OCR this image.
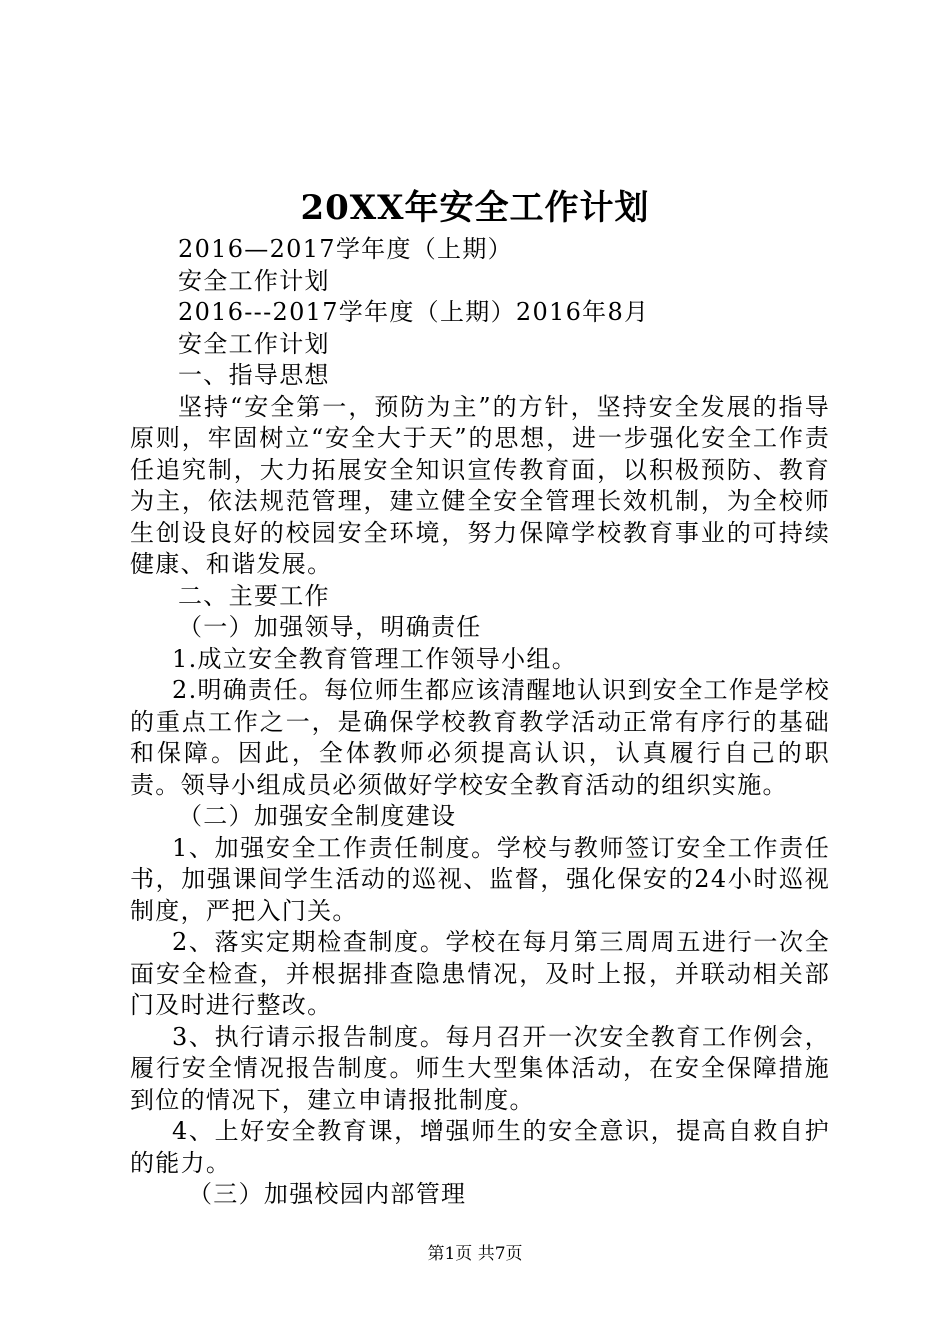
20XX年安全工作计划

2016—2017学年度（上期）

安全工作计划

2016---2017学年度（上期）2016年8月

安全工作计划

一、指导思想

坚持“安全第一，预防为主”的方针，坚持安全发展的指导原则，牢固树立“安全大于天”的思想，进一步强化安全工作责任追究制，大力拓展安全知识宣传教育面，以积极预防、教育为主，依法规范管理，建立健全安全管理长效机制，为全校师生创设良好的校园安全环境，努力保障学校教育事业的可持续健康、和谐发展。

二、主要工作

（一）加强领导，明确责任

1.成立安全教育管理工作领导小组。

2.明确责任。每位师生都应该清醒地认识到安全工作是学校的重点工作之一，是确保学校教育教学活动正常有序行的基础和保障。因此，全体教师必须提高认识，认真履行自己的职责。领导小组成员必须做好学校安全教育活动的组织实施。

（二）加强安全制度建设

1、加强安全工作责任制度。学校与教师签订安全工作责任书，加强课间学生活动的巡视、监督，强化保安的24小时巡视制度，严把入门关。

2、落实定期检查制度。学校在每月第三周周五进行一次全面安全检查，并根据排查隐患情况，及时上报，并联动相关部门及时进行整改。

3、执行请示报告制度。每月召开一次安全教育工作例会，履行安全情况报告制度。师生大型集体活动，在安全保障措施到位的情况下，建立申请报批制度。

4、上好安全教育课，增强师生的安全意识，提高自救自护的能力。

（三）加强校园内部管理

第1页 共7页
